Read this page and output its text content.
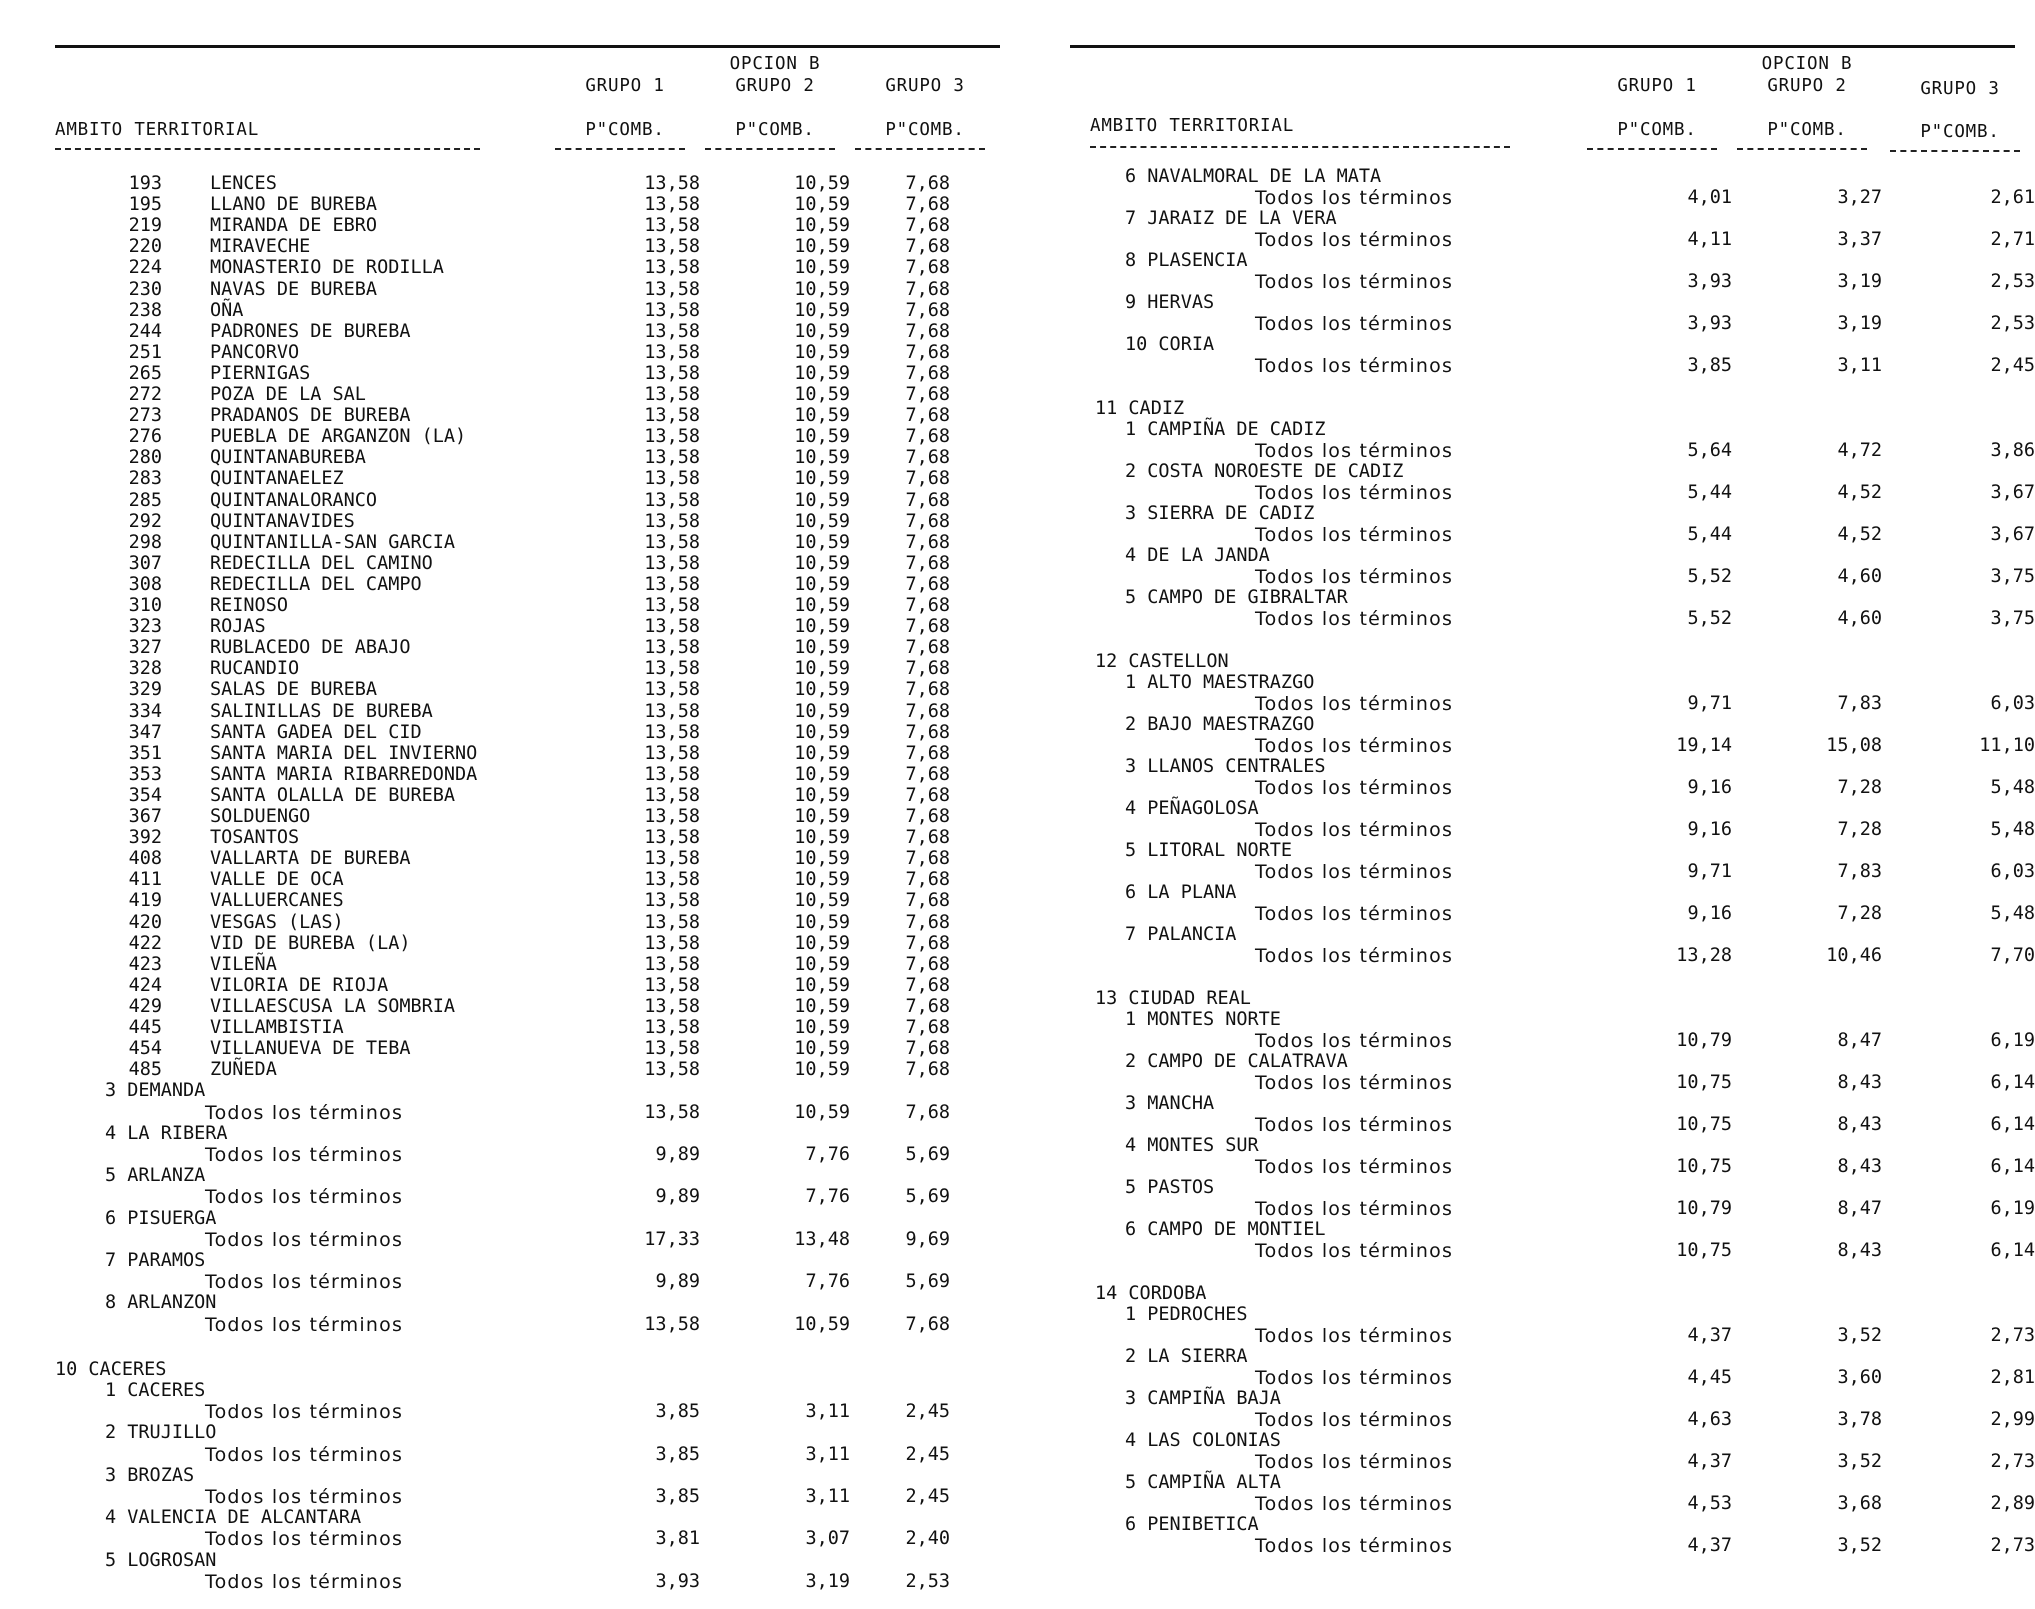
OPCION B
GRUPO 1	GRUPO 2	GRUPO 3
AMBITO TERRITORIAL	P"COMB.	P"COMB.	P"COMB.
193	LENCES	13,58	10,59	7,68
195	LLANO DE BUREBA	13,58	10,59	7,68
219	MIRANDA DE EBRO	13,58	10,59	7,68
220	MIRAVECHE	13,58	10,59	7,68
224	MONASTERIO DE RODILLA	13,58	10,59	7,68
230	NAVAS DE BUREBA	13,58	10,59	7,68
238	OÑA	13,58	10,59	7,68
244	PADRONES DE BUREBA	13,58	10,59	7,68
251	PANCORVO	13,58	10,59	7,68
265	PIERNIGAS	13,58	10,59	7,68
272	POZA DE LA SAL	13,58	10,59	7,68
273	PRADANOS DE BUREBA	13,58	10,59	7,68
276	PUEBLA DE ARGANZON (LA)	13,58	10,59	7,68
280	QUINTANABUREBA	13,58	10,59	7,68
283	QUINTANAELEZ	13,58	10,59	7,68
285	QUINTANALORANCO	13,58	10,59	7,68
292	QUINTANAVIDES	13,58	10,59	7,68
298	QUINTANILLA-SAN GARCIA	13,58	10,59	7,68
307	REDECILLA DEL CAMINO	13,58	10,59	7,68
308	REDECILLA DEL CAMPO	13,58	10,59	7,68
310	REINOSO	13,58	10,59	7,68
323	ROJAS	13,58	10,59	7,68
327	RUBLACEDO DE ABAJO	13,58	10,59	7,68
328	RUCANDIO	13,58	10,59	7,68
329	SALAS DE BUREBA	13,58	10,59	7,68
334	SALINILLAS DE BUREBA	13,58	10,59	7,68
347	SANTA GADEA DEL CID	13,58	10,59	7,68
351	SANTA MARIA DEL INVIERNO	13,58	10,59	7,68
353	SANTA MARIA RIBARREDONDA	13,58	10,59	7,68
354	SANTA OLALLA DE BUREBA	13,58	10,59	7,68
367	SOLDUENGO	13,58	10,59	7,68
392	TOSANTOS	13,58	10,59	7,68
408	VALLARTA DE BUREBA	13,58	10,59	7,68
411	VALLE DE OCA	13,58	10,59	7,68
419	VALLUERCANES	13,58	10,59	7,68
420	VESGAS (LAS)	13,58	10,59	7,68
422	VID DE BUREBA (LA)	13,58	10,59	7,68
423	VILEÑA	13,58	10,59	7,68
424	VILORIA DE RIOJA	13,58	10,59	7,68
429	VILLAESCUSA LA SOMBRIA	13,58	10,59	7,68
445	VILLAMBISTIA	13,58	10,59	7,68
454	VILLANUEVA DE TEBA	13,58	10,59	7,68
485	ZUÑEDA	13,58	10,59	7,68
3 DEMANDA
Todos los términos	13,58	10,59	7,68
4 LA RIBERA
Todos los términos	9,89	7,76	5,69
5 ARLANZA
Todos los términos	9,89	7,76	5,69
6 PISUERGA
Todos los términos	17,33	13,48	9,69
7 PARAMOS
Todos los términos	9,89	7,76	5,69
8 ARLANZON
Todos los términos	13,58	10,59	7,68
10 CACERES
1 CACERES
Todos los términos	3,85	3,11	2,45
2 TRUJILLO
Todos los términos	3,85	3,11	2,45
3 BROZAS
Todos los términos	3,85	3,11	2,45
4 VALENCIA DE ALCANTARA
Todos los términos	3,81	3,07	2,40
5 LOGROSAN
Todos los términos	3,93	3,19	2,53
OPCION B
GRUPO 1	GRUPO 2	GRUPO 3
AMBITO TERRITORIAL	P"COMB.	P"COMB.	P"COMB.
6 NAVALMORAL DE LA MATA
Todos los términos	4,01	3,27	2,61
7 JARAIZ DE LA VERA
Todos los términos	4,11	3,37	2,71
8 PLASENCIA
Todos los términos	3,93	3,19	2,53
9 HERVAS
Todos los términos	3,93	3,19	2,53
10 CORIA
Todos los términos	3,85	3,11	2,45
11 CADIZ
1 CAMPIÑA DE CADIZ
Todos los términos	5,64	4,72	3,86
2 COSTA NOROESTE DE CADIZ
Todos los términos	5,44	4,52	3,67
3 SIERRA DE CADIZ
Todos los términos	5,44	4,52	3,67
4 DE LA JANDA
Todos los términos	5,52	4,60	3,75
5 CAMPO DE GIBRALTAR
Todos los términos	5,52	4,60	3,75
12 CASTELLON
1 ALTO MAESTRAZGO
Todos los términos	9,71	7,83	6,03
2 BAJO MAESTRAZGO
Todos los términos	19,14	15,08	11,10
3 LLANOS CENTRALES
Todos los términos	9,16	7,28	5,48
4 PEÑAGOLOSA
Todos los términos	9,16	7,28	5,48
5 LITORAL NORTE
Todos los términos	9,71	7,83	6,03
6 LA PLANA
Todos los términos	9,16	7,28	5,48
7 PALANCIA
Todos los términos	13,28	10,46	7,70
13 CIUDAD REAL
1 MONTES NORTE
Todos los términos	10,79	8,47	6,19
2 CAMPO DE CALATRAVA
Todos los términos	10,75	8,43	6,14
3 MANCHA
Todos los términos	10,75	8,43	6,14
4 MONTES SUR
Todos los términos	10,75	8,43	6,14
5 PASTOS
Todos los términos	10,79	8,47	6,19
6 CAMPO DE MONTIEL
Todos los términos	10,75	8,43	6,14
14 CORDOBA
1 PEDROCHES
Todos los términos	4,37	3,52	2,73
2 LA SIERRA
Todos los términos	4,45	3,60	2,81
3 CAMPIÑA BAJA
Todos los términos	4,63	3,78	2,99
4 LAS COLONIAS
Todos los términos	4,37	3,52	2,73
5 CAMPIÑA ALTA
Todos los términos	4,53	3,68	2,89
6 PENIBETICA
Todos los términos	4,37	3,52	2,73
